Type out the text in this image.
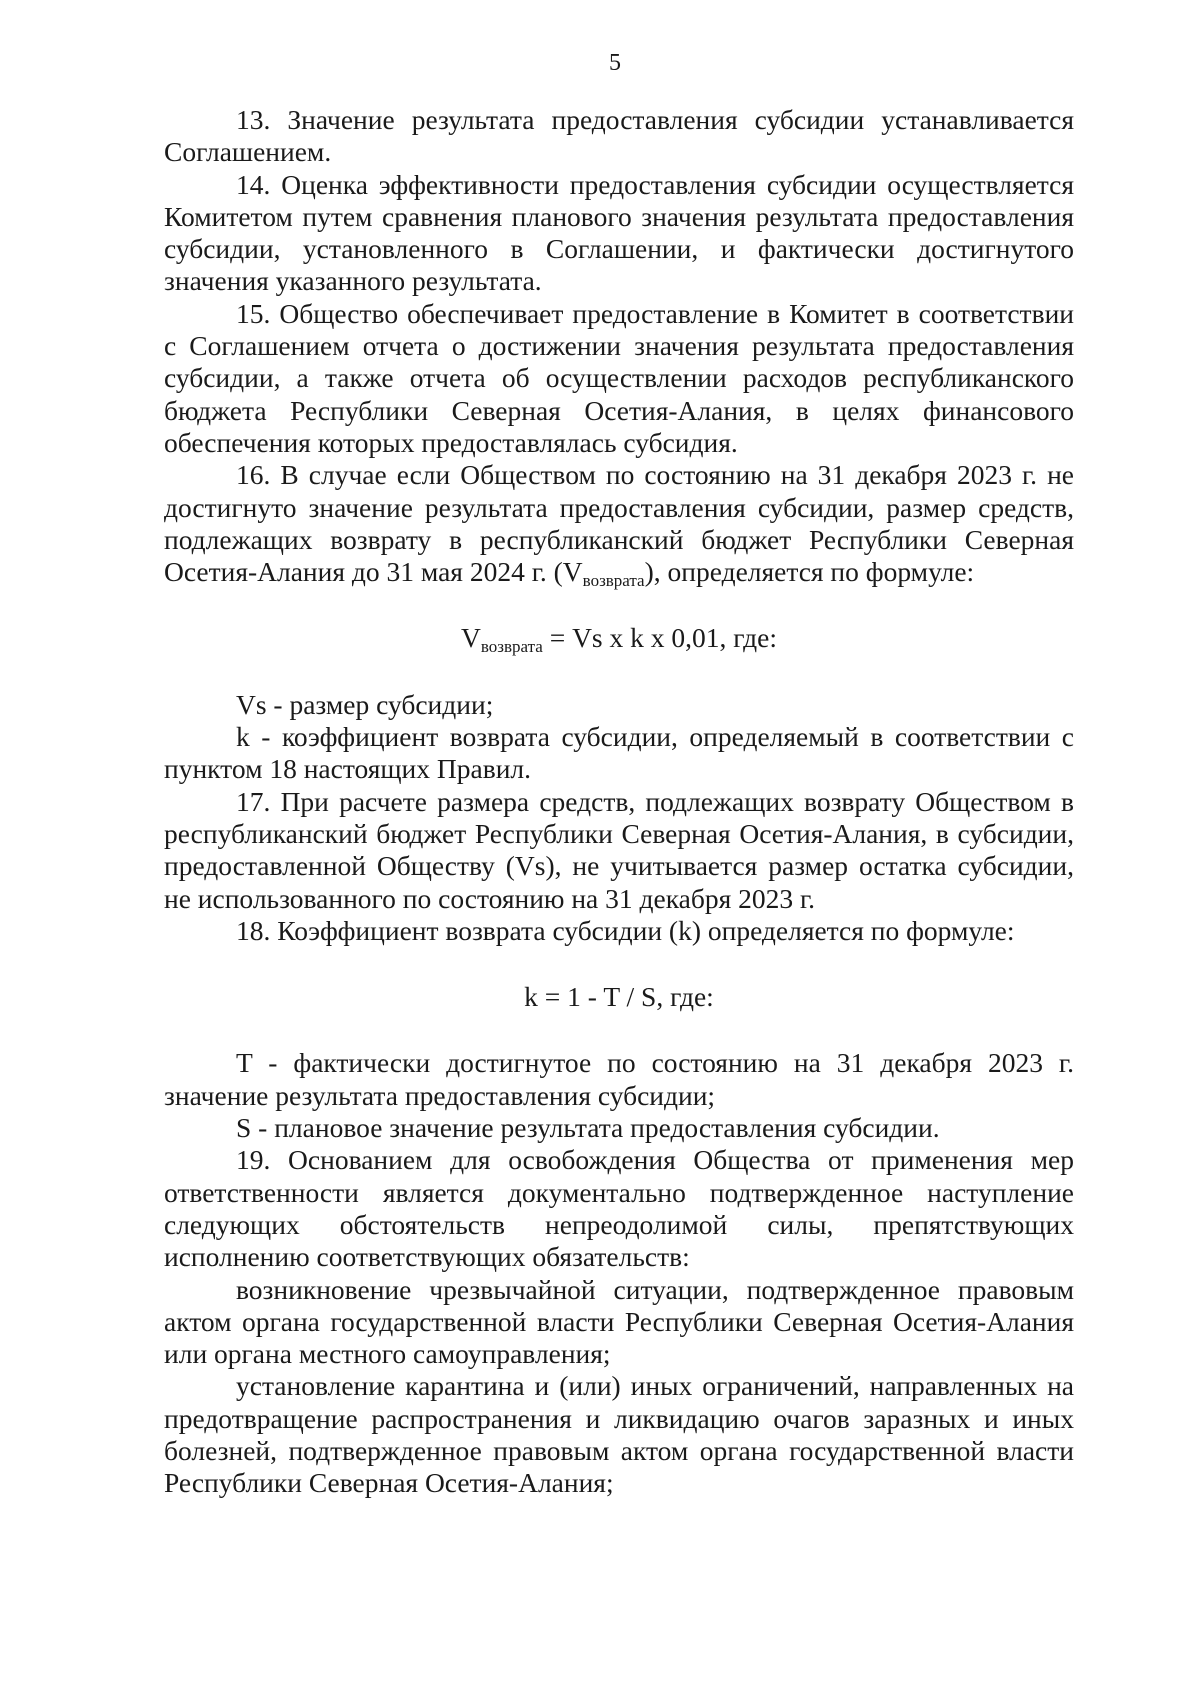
5

13. Значение результата предоставления субсидии устанавливается Соглашением.

14. Оценка эффективности предоставления субсидии осуществляется Комитетом путем сравнения планового значения результата предоставления субсидии, установленного в Соглашении, и фактически достигнутого значения указанного результата.

15. Общество обеспечивает предоставление в Комитет в соответствии с Соглашением отчета о достижении значения результата предоставления субсидии, а также отчета об осуществлении расходов республиканского бюджета Республики Северная Осетия-Алания, в целях финансового обеспечения которых предоставлялась субсидия.

16. В случае если Обществом по состоянию на 31 декабря 2023 г. не достигнуто значение результата предоставления субсидии, размер средств, подлежащих возврату в республиканский бюджет Республики Северная Осетия-Алания до 31 мая 2024 г. $(V_{возврата})$, определяется по формуле:

$V_{возврата} = Vs$ x k x 0,01, где:

Vs - размер субсидии;

k - коэффициент возврата субсидии, определяемый в соответствии с пунктом 18 настоящих Правил.

17. При расчете размера средств, подлежащих возврату Обществом в республиканский бюджет Республики Северная Осетия-Алания, в субсидии, предоставленной Обществу (Vs), не учитывается размер остатка субсидии, не использованного по состоянию на 31 декабря 2023 г.

18. Коэффициент возврата субсидии (k) определяется по формуле:

k = 1 - T / S, где:

T - фактически достигнутое по состоянию на 31 декабря 2023 г. значение результата предоставления субсидии;

S - плановое значение результата предоставления субсидии.

19. Основанием для освобождения Общества от применения мер ответственности является документально подтвержденное наступление следующих обстоятельств непреодолимой силы, препятствующих исполнению соответствующих обязательств:

возникновение чрезвычайной ситуации, подтвержденное правовым актом органа государственной власти Республики Северная Осетия-Алания или органа местного самоуправления;

установление карантина и (или) иных ограничений, направленных на предотвращение распространения и ликвидацию очагов заразных и иных болезней, подтвержденное правовым актом органа государственной власти Республики Северная Осетия-Алания;
